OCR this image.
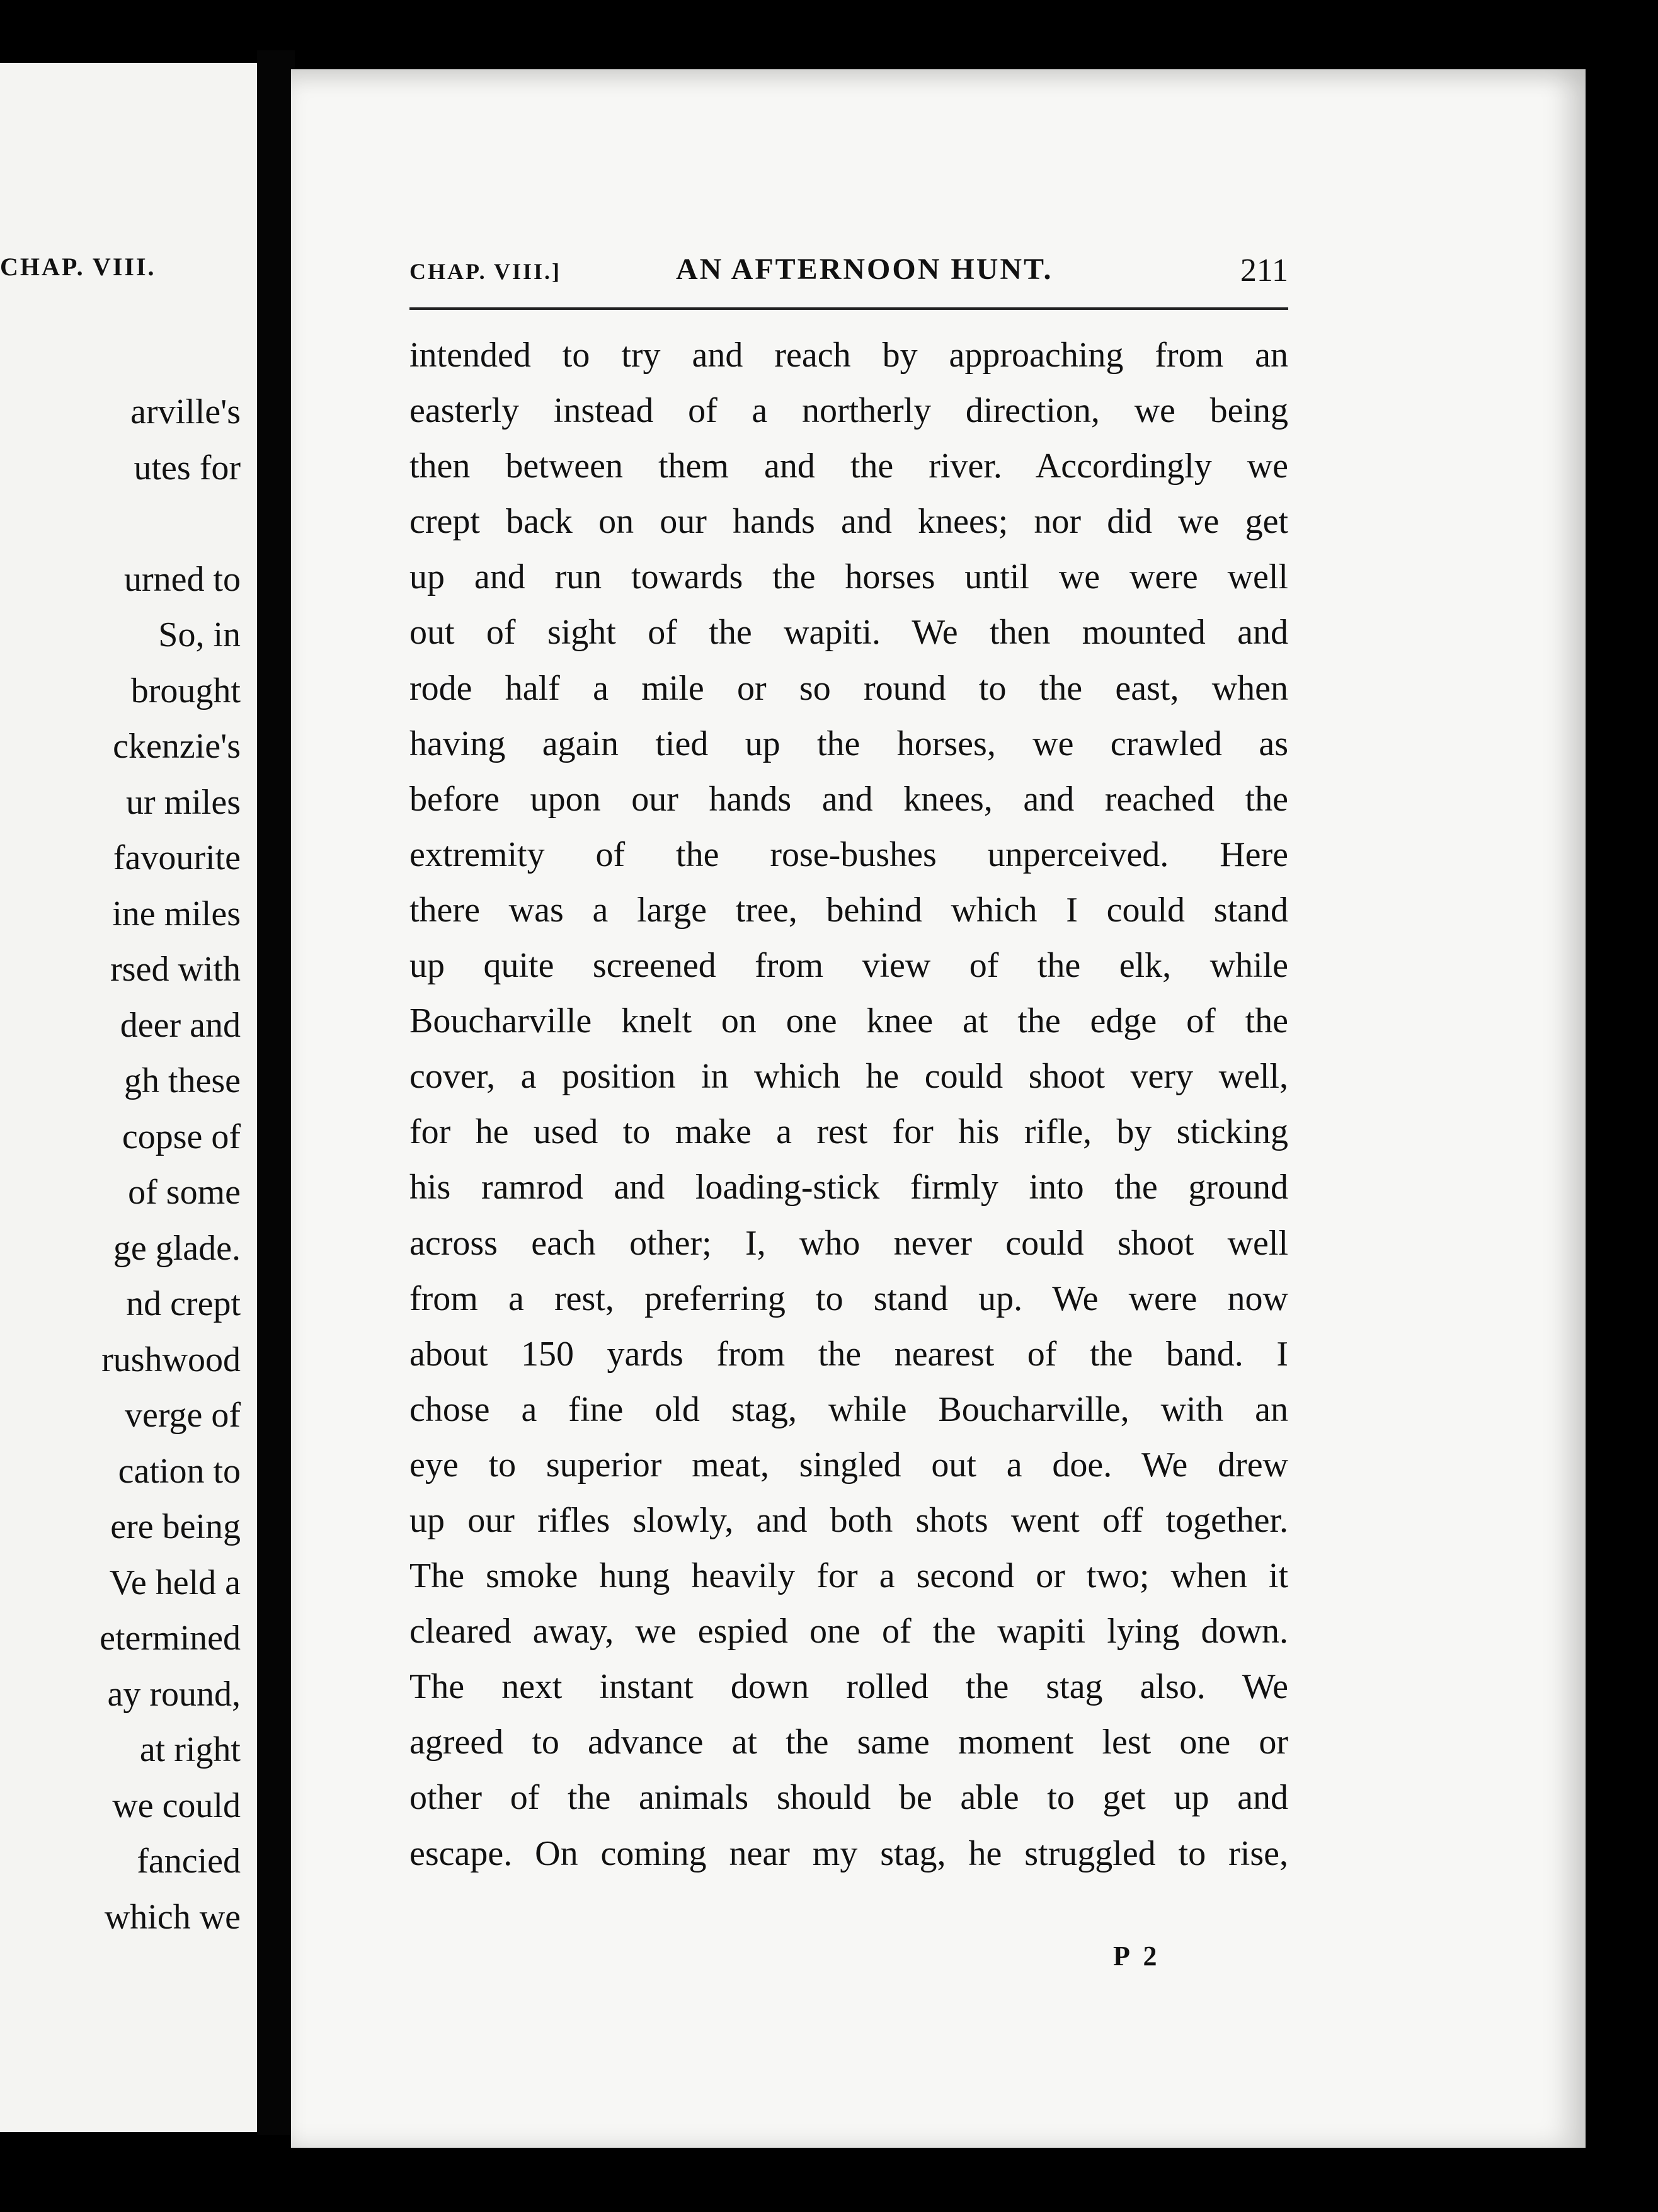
CHAP. VIII.
arville's
utes for
urned to
So, in
brought
ckenzie's
ur miles
favourite
ine miles
rsed with
deer and
gh these
copse of
of some
ge glade.
nd crept
rushwood
verge of
cation to
ere being
Ve held a
etermined
ay round,
at right
we could
fancied
which we
CHAP. VIII.]	AN AFTERNOON HUNT.	211
intended to try and reach by approaching from an
easterly instead of a northerly direction, we being
then between them and the river. Accordingly we
crept back on our hands and knees; nor did we get
up and run towards the horses until we were well
out of sight of the wapiti. We then mounted and
rode half a mile or so round to the east, when
having again tied up the horses, we crawled as
before upon our hands and knees, and reached the
extremity of the rose-bushes unperceived. Here
there was a large tree, behind which I could stand
up quite screened from view of the elk, while
Boucharville knelt on one knee at the edge of the
cover, a position in which he could shoot very well,
for he used to make a rest for his rifle, by sticking
his ramrod and loading-stick firmly into the ground
across each other; I, who never could shoot well
from a rest, preferring to stand up. We were now
about 150 yards from the nearest of the band. I
chose a fine old stag, while Boucharville, with an
eye to superior meat, singled out a doe. We drew
up our rifles slowly, and both shots went off together.
The smoke hung heavily for a second or two; when it
cleared away, we espied one of the wapiti lying down.
The next instant down rolled the stag also. We
agreed to advance at the same moment lest one or
other of the animals should be able to get up and
escape. On coming near my stag, he struggled to rise,
P 2
